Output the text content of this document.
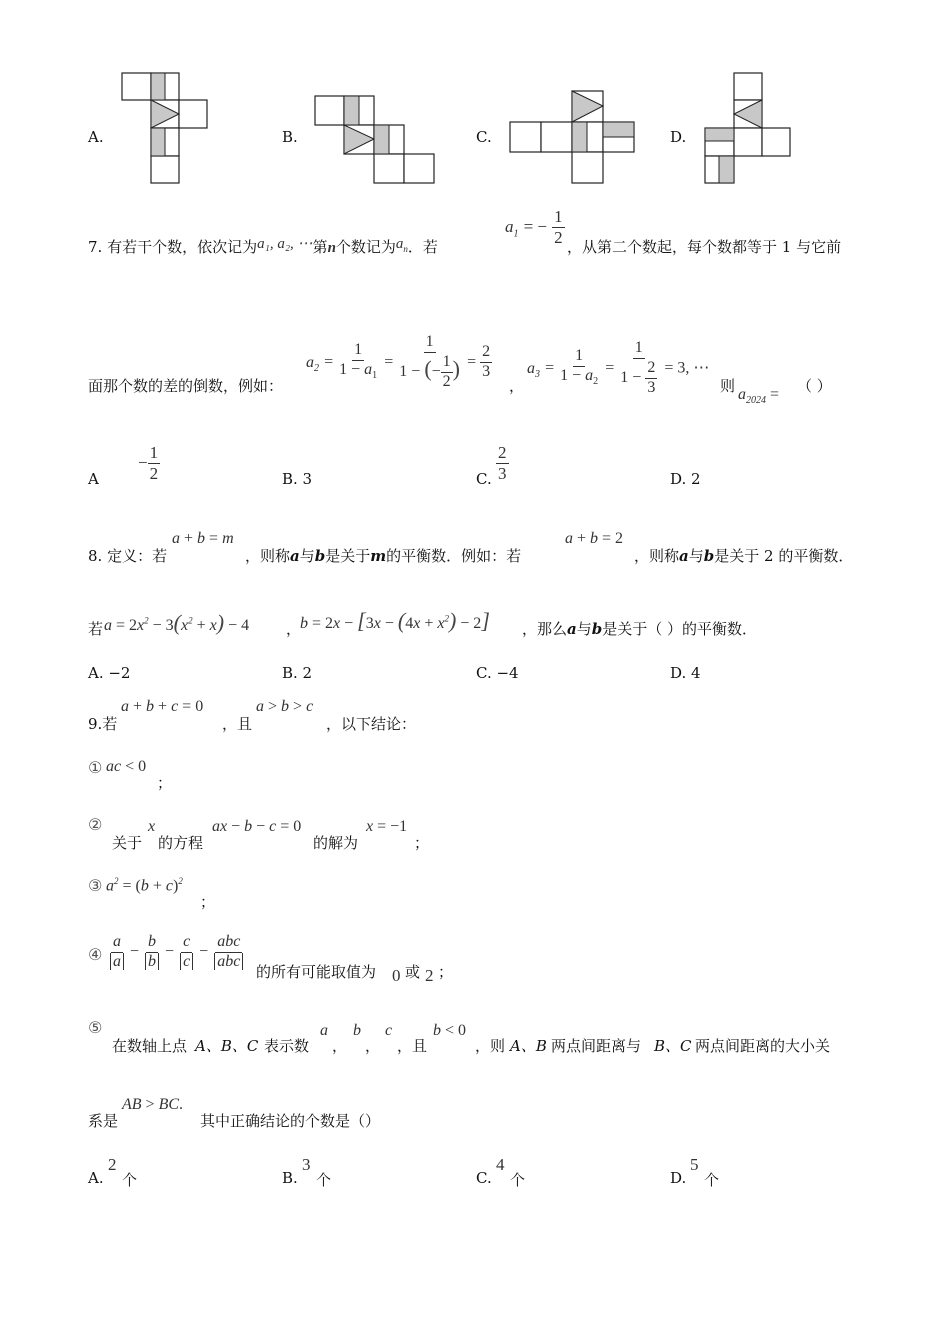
A.	B.	C.	D.
7. 有若干个数，依次记为a₁, a₂, ⋯第n个数记为$a_n$．若
$a_1$ = − $\frac{1}{2}$
，从第二个数起，每个数都等于 1 与它前
面那个数的差的倒数，例如：
$a_2 = \frac{1}{1 - a_1} = \frac{1}{1 - (- \frac{1}{2} )} = \frac{2}{3}$
，
$a_3 = \frac{1}{1 - a_2} = \frac{1}{1 - \frac{2}{3}} = 3$, ⋯
则 $a_{2024}$ = （ ）
A
− $\frac{1}{2}$	B. 3	C. $\frac{2}{3}$	D. 2
8. 定义：若
a + b = m
，则称a与b是关于m的平衡数．例如：若
a + b = 2
，则称a与b是关于 2 的平衡数．
若 $a = 2x^2 - 3(x^2 + x) - 4$ ，
$b = 2x - [3x - (4x + x^2) - 2]$ ，那么a与b是关于（ ）的平衡数．
A. −2	B. 2	C. −4	D. 4
9.若
a + b + c = 0
，且
a > b > c
，以下结论：
① ac < 0
；
②
关于
x
的方程
ax − b − c = 0
的解为
x = −1
；
③ $a^2 = (b + c)^2$
；
④ $\frac{a}{a} - \frac{b}{b} - \frac{c}{c} - \frac{\text{abc}}{\text{abc}}$
的所有可能取值为 0 或 2 ；
⑤
在数轴上点 A、B、C 表示数
a
，
b
，
c
，且
b < 0
，则 A、B 两点间距离与 B、C 两点间距离的大小关
系是
AB > BC.
其中正确结论的个数是（）
A.
2
个	B.
3
个	C.
4
个	D.
5
个
